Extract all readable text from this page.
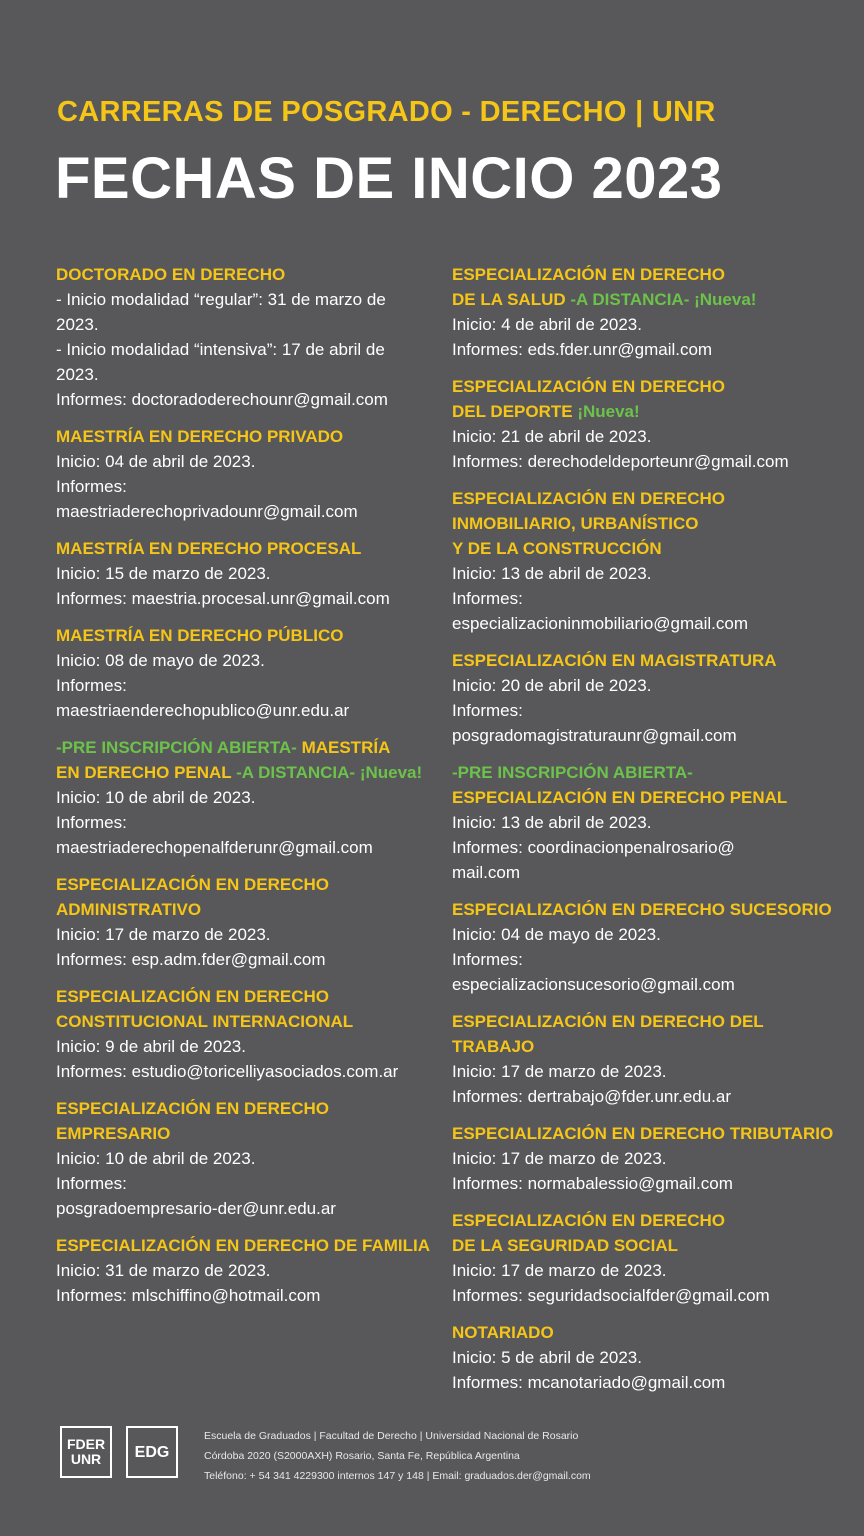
CARRERAS DE POSGRADO - DERECHO | UNR
FECHAS DE INCIO 2023
DOCTORADO EN DERECHO
- Inicio modalidad “regular”: 31 de marzo de
2023.
- Inicio modalidad “intensiva”: 17 de abril de
2023.
Informes: doctoradoderechounr@gmail.com
MAESTRÍA EN DERECHO PRIVADO
Inicio: 04 de abril de 2023.
Informes:
maestriaderechoprivadounr@gmail.com
MAESTRÍA EN DERECHO PROCESAL
Inicio: 15 de marzo de 2023.
Informes: maestria.procesal.unr@gmail.com
MAESTRÍA EN DERECHO PÚBLICO
Inicio: 08 de mayo de 2023.
Informes:
maestriaenderechopublico@unr.edu.ar
-PRE INSCRIPCIÓN ABIERTA- MAESTRÍA
EN DERECHO PENAL -A DISTANCIA- ¡Nueva!
Inicio: 10 de abril de 2023.
Informes:
maestriaderechopenalfderunr@gmail.com
ESPECIALIZACIÓN EN DERECHO
ADMINISTRATIVO
Inicio: 17 de marzo de 2023.
Informes: esp.adm.fder@gmail.com
ESPECIALIZACIÓN EN DERECHO
CONSTITUCIONAL INTERNACIONAL
Inicio: 9 de abril de 2023.
Informes: estudio@toricelliyasociados.com.ar
ESPECIALIZACIÓN EN DERECHO
EMPRESARIO
Inicio: 10 de abril de 2023.
Informes:
posgradoempresario-der@unr.edu.ar
ESPECIALIZACIÓN EN DERECHO DE FAMILIA
Inicio: 31 de marzo de 2023.
Informes: mlschiffino@hotmail.com
ESPECIALIZACIÓN EN DERECHO
DE LA SALUD -A DISTANCIA- ¡Nueva!
Inicio: 4 de abril de 2023.
Informes: eds.fder.unr@gmail.com
ESPECIALIZACIÓN EN DERECHO
DEL DEPORTE ¡Nueva!
Inicio: 21 de abril de 2023.
Informes: derechodeldeporteunr@gmail.com
ESPECIALIZACIÓN EN DERECHO
INMOBILIARIO, URBANÍSTICO
Y DE LA CONSTRUCCIÓN
Inicio: 13 de abril de 2023.
Informes:
especializacioninmobiliario@gmail.com
ESPECIALIZACIÓN EN MAGISTRATURA
Inicio: 20 de abril de 2023.
Informes:
posgradomagistraturaunr@gmail.com
-PRE INSCRIPCIÓN ABIERTA-
ESPECIALIZACIÓN EN DERECHO PENAL
Inicio: 13 de abril de 2023.
Informes: coordinacionpenalrosario@
mail.com
ESPECIALIZACIÓN EN DERECHO SUCESORIO
Inicio: 04 de mayo de 2023.
Informes:
especializacionsucesorio@gmail.com
ESPECIALIZACIÓN EN DERECHO DEL
TRABAJO
Inicio: 17 de marzo de 2023.
Informes: dertrabajo@fder.unr.edu.ar
ESPECIALIZACIÓN EN DERECHO TRIBUTARIO
Inicio: 17 de marzo de 2023.
Informes: normabalessio@gmail.com
ESPECIALIZACIÓN EN DERECHO
DE LA SEGURIDAD SOCIAL
Inicio: 17 de marzo de 2023.
Informes: seguridadsocialfder@gmail.com
NOTARIADO
Inicio: 5 de abril de 2023.
Informes: mcanotariado@gmail.com
FDER
UNR	EDG
Escuela de Graduados | Facultad de Derecho | Universidad Nacional de Rosario
Córdoba 2020 (S2000AXH) Rosario, Santa Fe, República Argentina
Teléfono: + 54 341 4229300 internos 147 y 148 | Email: graduados.der@gmail.com
